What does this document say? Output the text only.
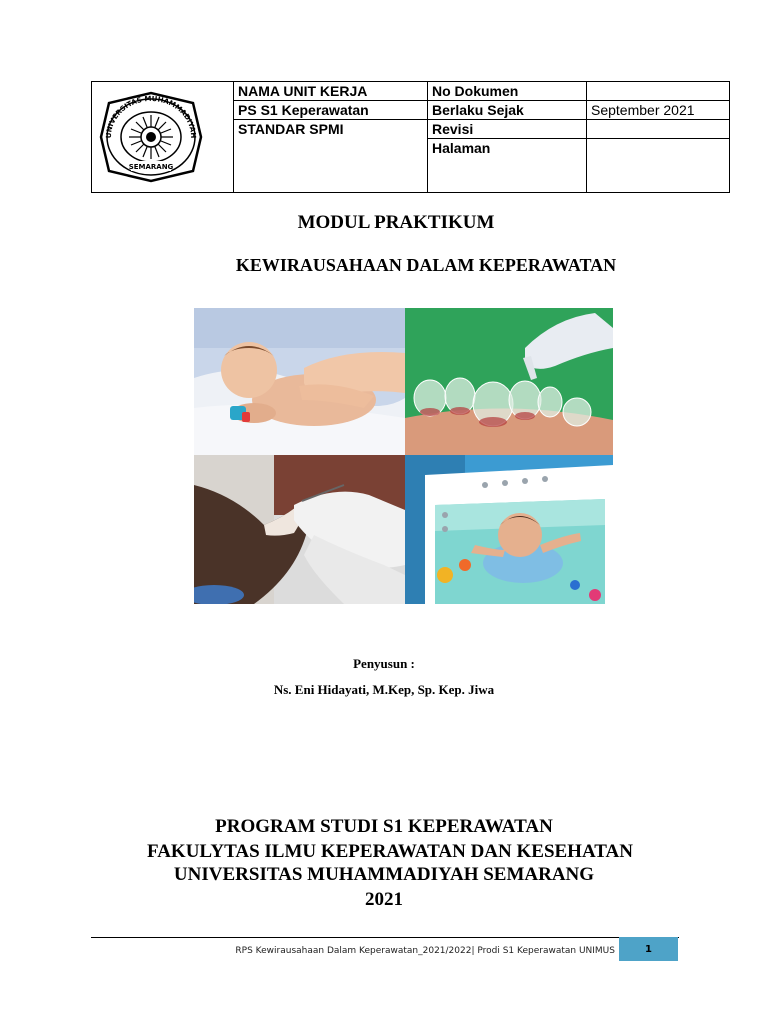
UNIVERSITAS MUHAMMADIYAH
SEMARANG	NAMA UNIT KERJA	No Dokumen	
	PS S1 Keperawatan	Berlaku Sejak	September 2021
	STANDAR SPMI	Revisi	
		Halaman	
MODUL PRAKTIKUM
KEWIRAUSAHAAN DALAM KEPERAWATAN
Penyusun :
Ns. Eni Hidayati, M.Kep, Sp. Kep. Jiwa
PROGRAM STUDI S1 KEPERAWATAN
FAKULYTAS ILMU KEPERAWATAN DAN KESEHATAN
UNIVERSITAS MUHAMMADIYAH SEMARANG
2021
RPS Kewirausahaan Dalam Keperawatan_2021/2022| Prodi S1 Keperawatan UNIMUS	1
